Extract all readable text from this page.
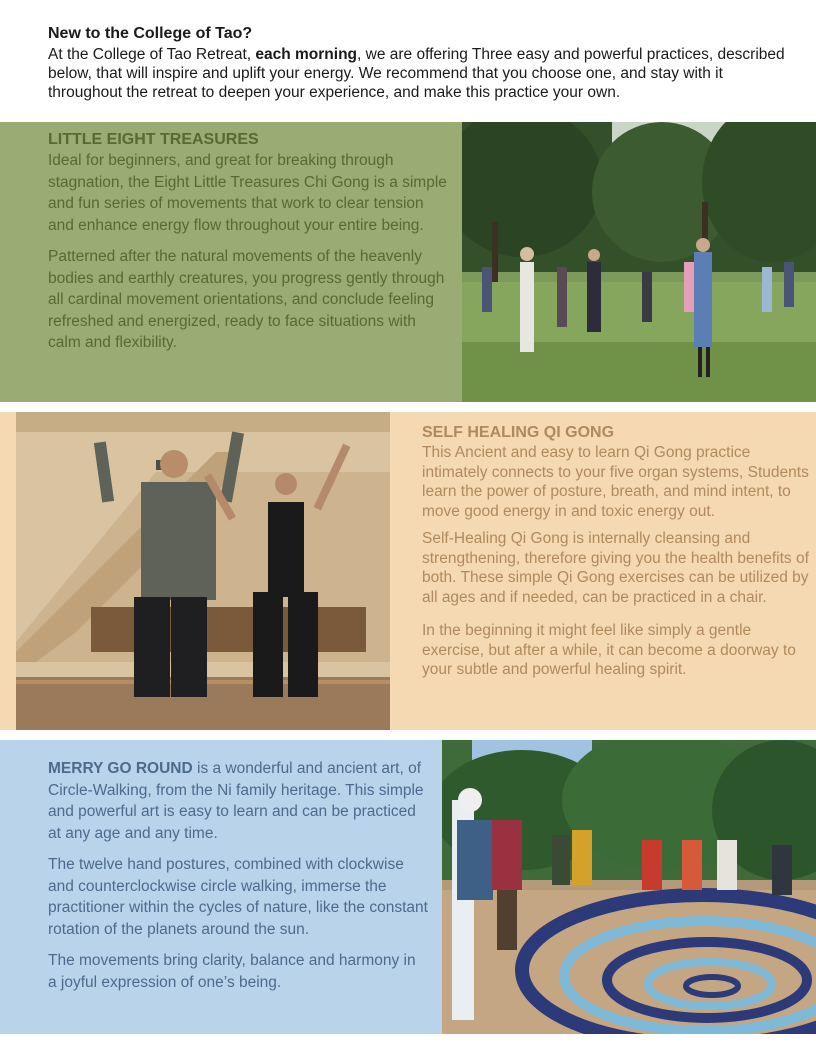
New to the College of Tao?

At the College of Tao Retreat, each morning, we are offering Three easy and powerful practices, described below, that will inspire and uplift your energy. We recommend that you choose one, and stay with it throughout the retreat to deepen your experience, and make this practice your own.

LITTLE EIGHT TREASURES

Ideal for beginners, and great for breaking through stagnation, the Eight Little Treasures Chi Gong is a simple and fun series of movements that work to clear tension and enhance energy flow throughout your entire being.

Patterned after the natural movements of the heavenly bodies and earthly creatures, you progress gently through all cardinal movement orientations, and conclude feeling refreshed and energized, ready to face situations with calm and flexibility.

SELF HEALING QI GONG

This Ancient and easy to learn Qi Gong practice intimately connects to your five organ systems, Students learn the power of posture, breath, and mind intent, to move good energy in and toxic energy out.

Self-Healing Qi Gong is internally cleansing and strengthening, therefore giving you the health benefits of both. These simple Qi Gong exercises can be utilized by all ages and if needed, can be practiced in a chair.

In the beginning it might feel like simply a gentle exercise, but after a while, it can become a doorway to your subtle and powerful healing spirit.

MERRY GO ROUND is a wonderful and ancient art, of Circle-Walking, from the Ni family heritage. This simple and powerful art is easy to learn and can be practiced at any age and any time.

The twelve hand postures, combined with clockwise and counterclockwise circle walking, immerse the practitioner within the cycles of nature, like the constant rotation of the planets around the sun.

The movements bring clarity, balance and harmony in a joyful expression of one’s being.
